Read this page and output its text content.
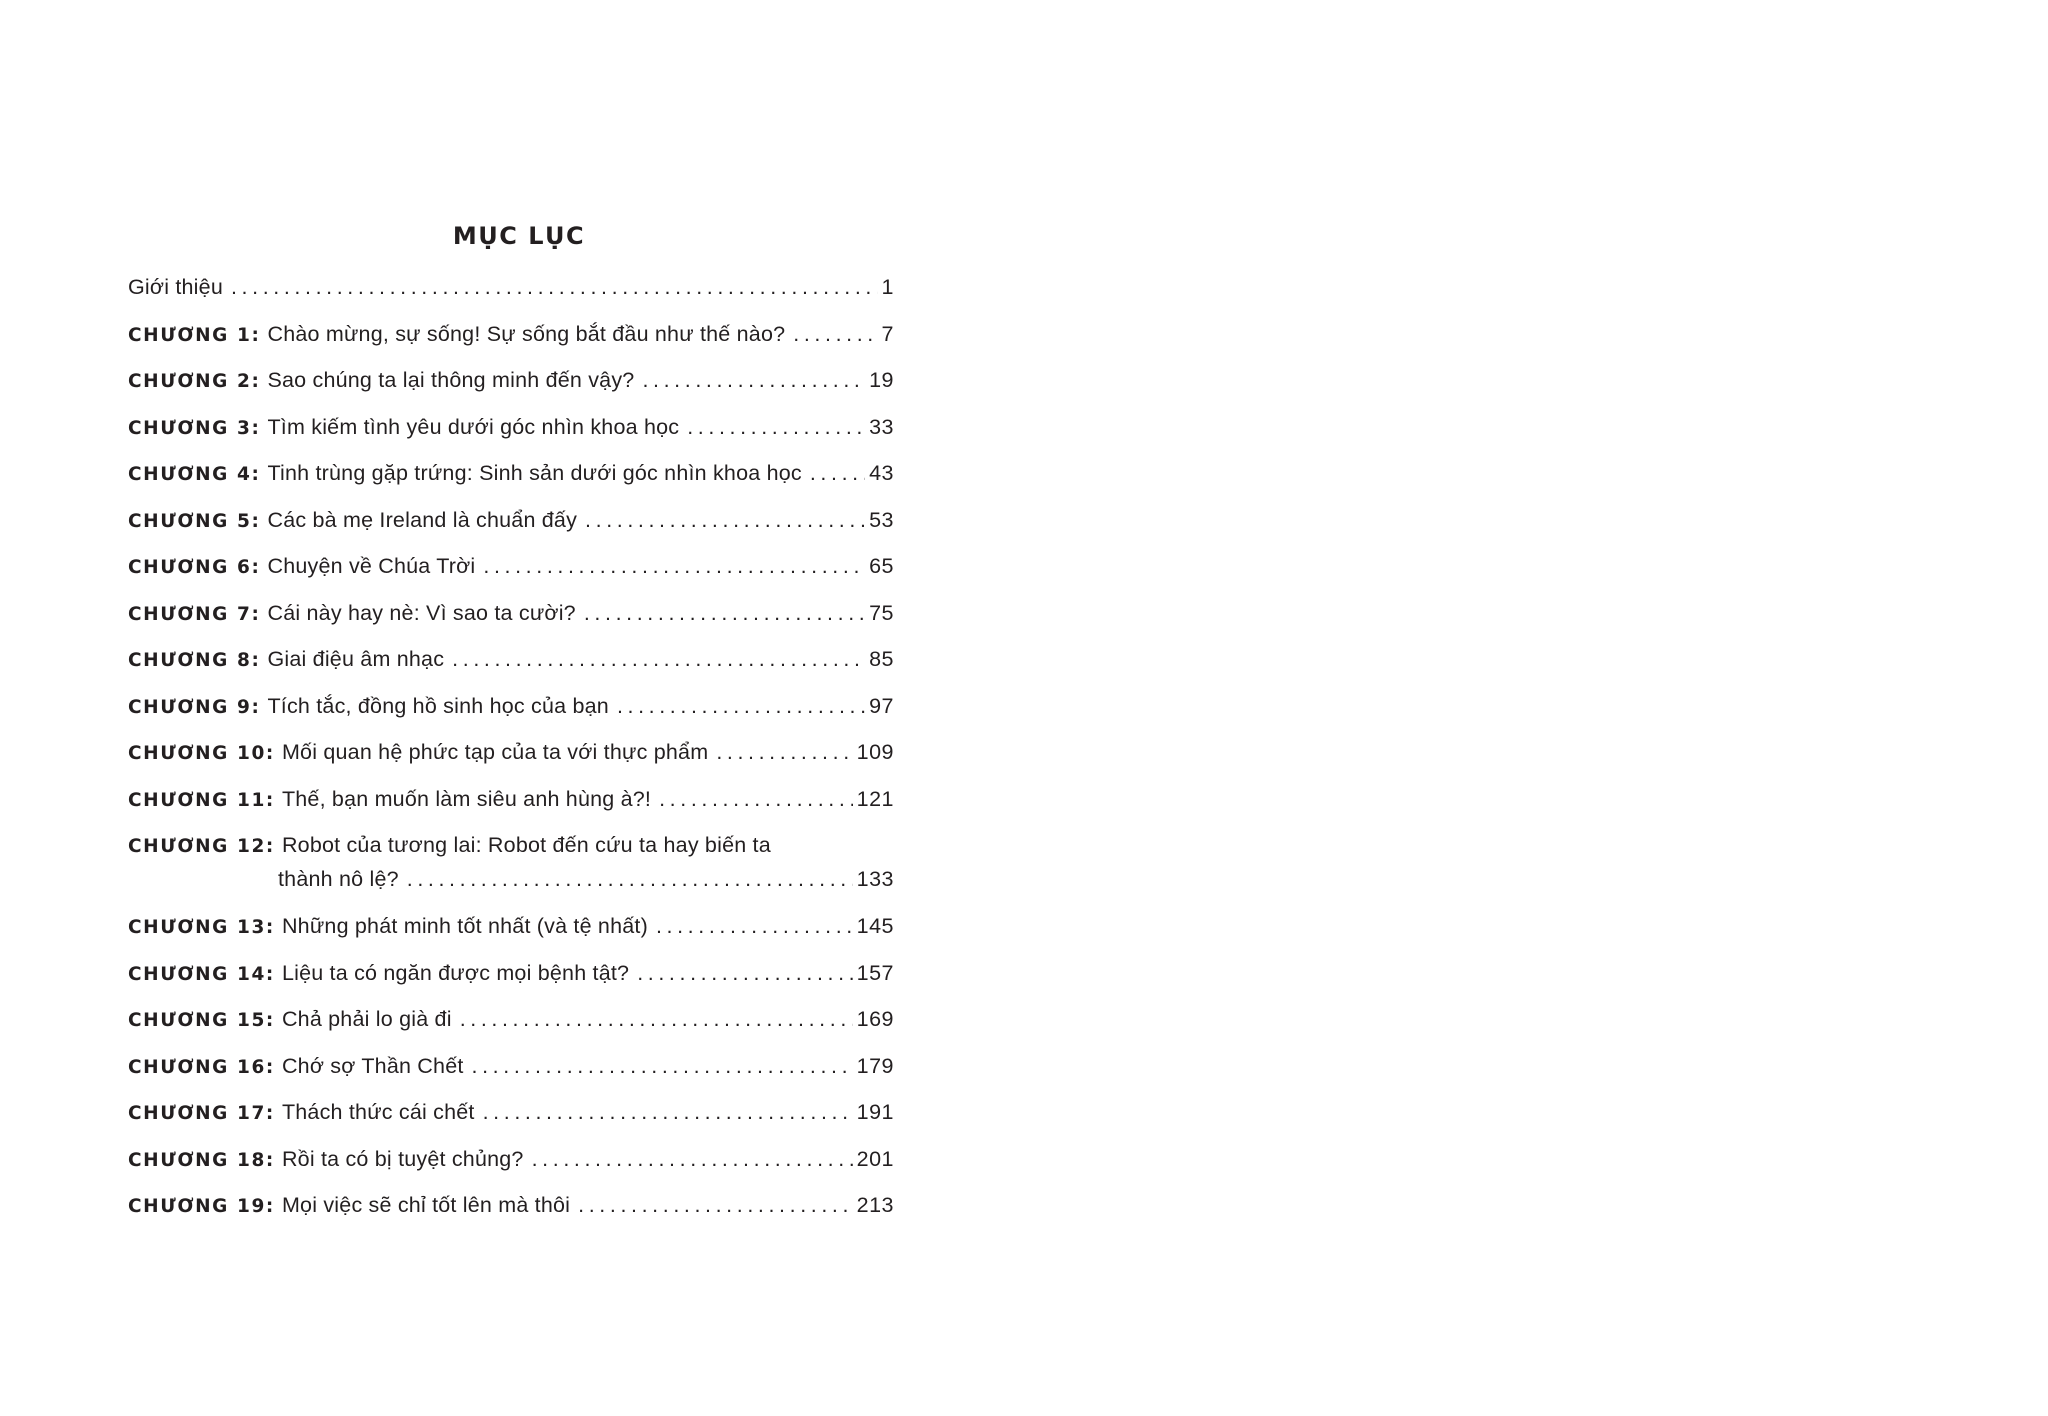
MỤC LỤC
Giới thiệu .....	1
CHƯƠNG 1: Chào mừng, sự sống! Sự sống bắt đầu như thế nào? .....	7
CHƯƠNG 2: Sao chúng ta lại thông minh đến vậy? .....	19
CHƯƠNG 3: Tìm kiếm tình yêu dưới góc nhìn khoa học .....	33
CHƯƠNG 4: Tinh trùng gặp trứng: Sinh sản dưới góc nhìn khoa học .....	43
CHƯƠNG 5: Các bà mẹ Ireland là chuẩn đấy .....	53
CHƯƠNG 6: Chuyện về Chúa Trời .....	65
CHƯƠNG 7: Cái này hay nè: Vì sao ta cười? .....	75
CHƯƠNG 8: Giai điệu âm nhạc .....	85
CHƯƠNG 9: Tích tắc, đồng hồ sinh học của bạn .....	97
CHƯƠNG 10: Mối quan hệ phức tạp của ta với thực phẩm .....	109
CHƯƠNG 11: Thế, bạn muốn làm siêu anh hùng à?! .....	121
CHƯƠNG 12: Robot của tương lai: Robot đến cứu ta hay biến ta
thành nô lệ? .....	133
CHƯƠNG 13: Những phát minh tốt nhất (và tệ nhất) .....	145
CHƯƠNG 14: Liệu ta có ngăn được mọi bệnh tật? .....	157
CHƯƠNG 15: Chả phải lo già đi .....	169
CHƯƠNG 16: Chớ sợ Thần Chết .....	179
CHƯƠNG 17: Thách thức cái chết .....	191
CHƯƠNG 18: Rồi ta có bị tuyệt chủng? .....	201
CHƯƠNG 19: Mọi việc sẽ chỉ tốt lên mà thôi .....	213
